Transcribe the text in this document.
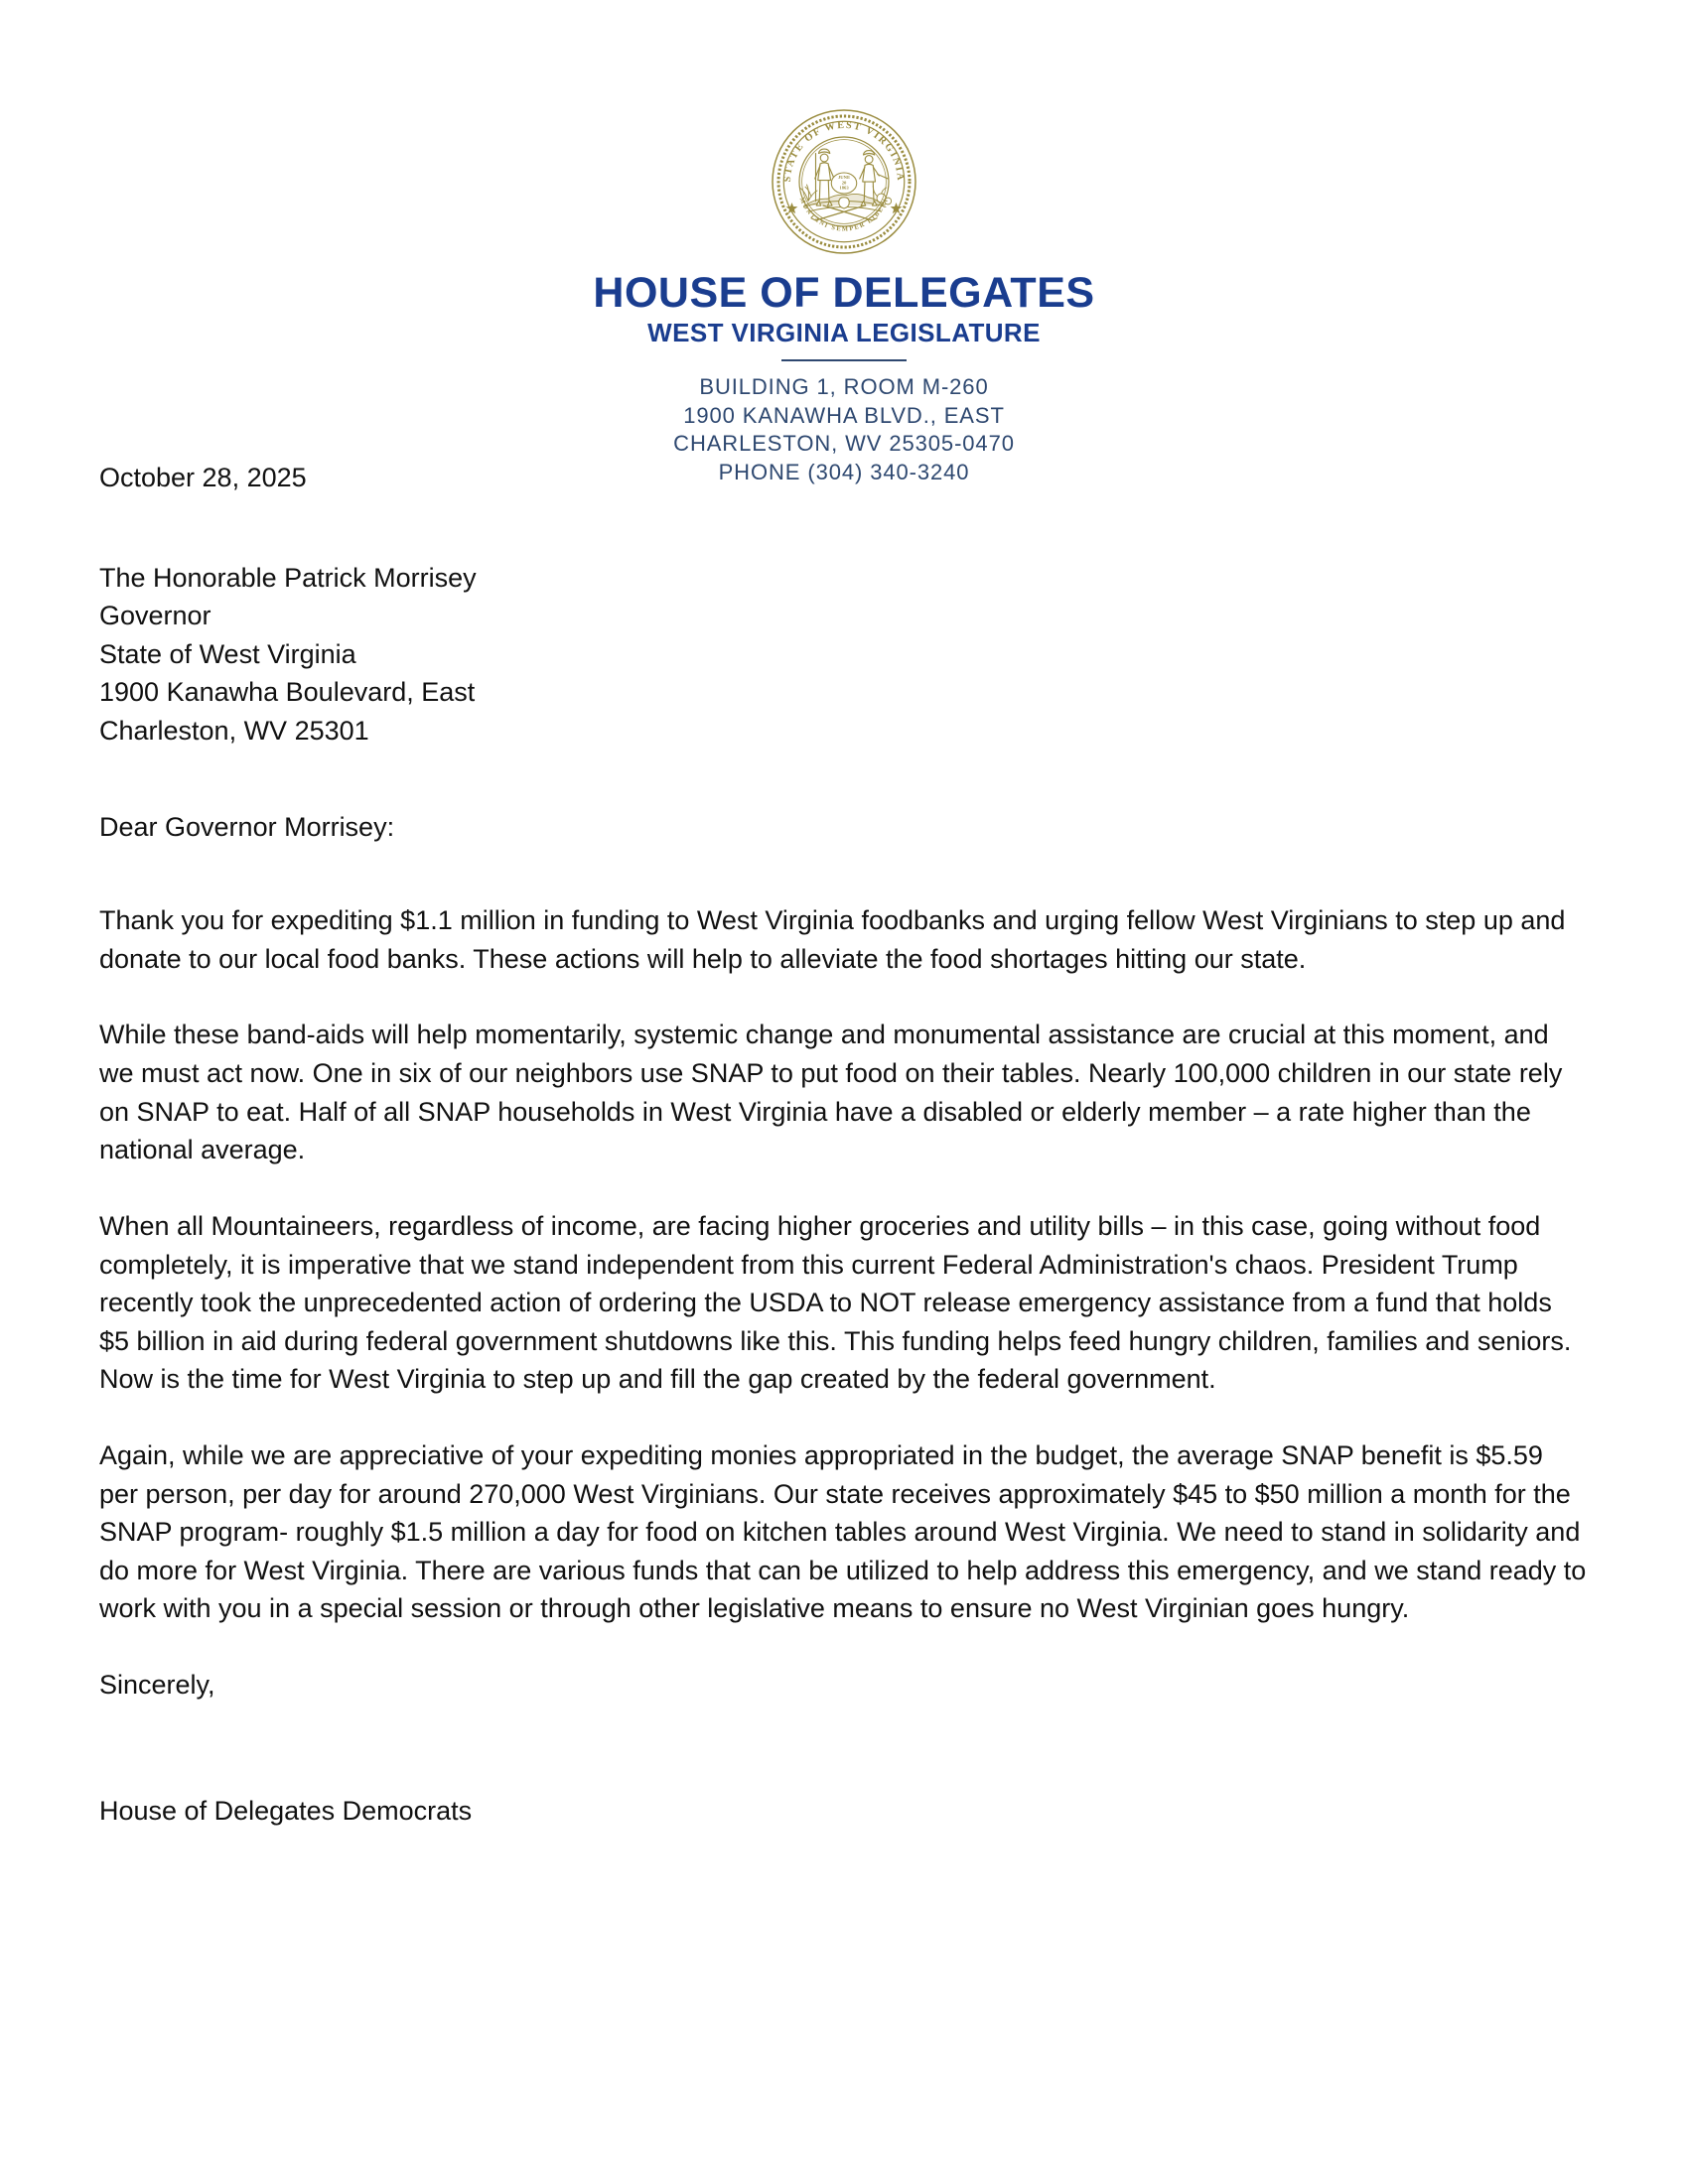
STATE OF WEST VIRGINIA
MONTANI SEMPER LIBERI
JUNE
20
1863
HOUSE OF DELEGATES
WEST VIRGINIA LEGISLATURE
BUILDING 1, ROOM M-260
1900 KANAWHA BLVD., EAST
CHARLESTON, WV 25305-0470
PHONE (304) 340-3240
October 28, 2025
The Honorable Patrick Morrisey
Governor
State of West Virginia
1900 Kanawha Boulevard, East
Charleston, WV 25301
Dear Governor Morrisey:

Thank you for expediting $1.1 million in funding to West Virginia foodbanks and urging fellow West Virginians to step up and donate to our local food banks. These actions will help to alleviate the food shortages hitting our state.

While these band-aids will help momentarily, systemic change and monumental assistance are crucial at this moment, and we must act now. One in six of our neighbors use SNAP to put food on their tables. Nearly 100,000 children in our state rely on SNAP to eat. Half of all SNAP households in West Virginia have a disabled or elderly member – a rate higher than the national average.

When all Mountaineers, regardless of income, are facing higher groceries and utility bills – in this case, going without food completely, it is imperative that we stand independent from this current Federal Administration's chaos. President Trump recently took the unprecedented action of ordering the USDA to NOT release emergency assistance from a fund that holds $5 billion in aid during federal government shutdowns like this. This funding helps feed hungry children, families and seniors. Now is the time for West Virginia to step up and fill the gap created by the federal government.

Again, while we are appreciative of your expediting monies appropriated in the budget, the average SNAP benefit is $5.59 per person, per day for around 270,000 West Virginians. Our state receives approximately $45 to $50 million a month for the SNAP program- roughly $1.5 million a day for food on kitchen tables around West Virginia. We need to stand in solidarity and do more for West Virginia. There are various funds that can be utilized to help address this emergency, and we stand ready to work with you in a special session or through other legislative means to ensure no West Virginian goes hungry.

Sincerely,
House of Delegates Democrats
